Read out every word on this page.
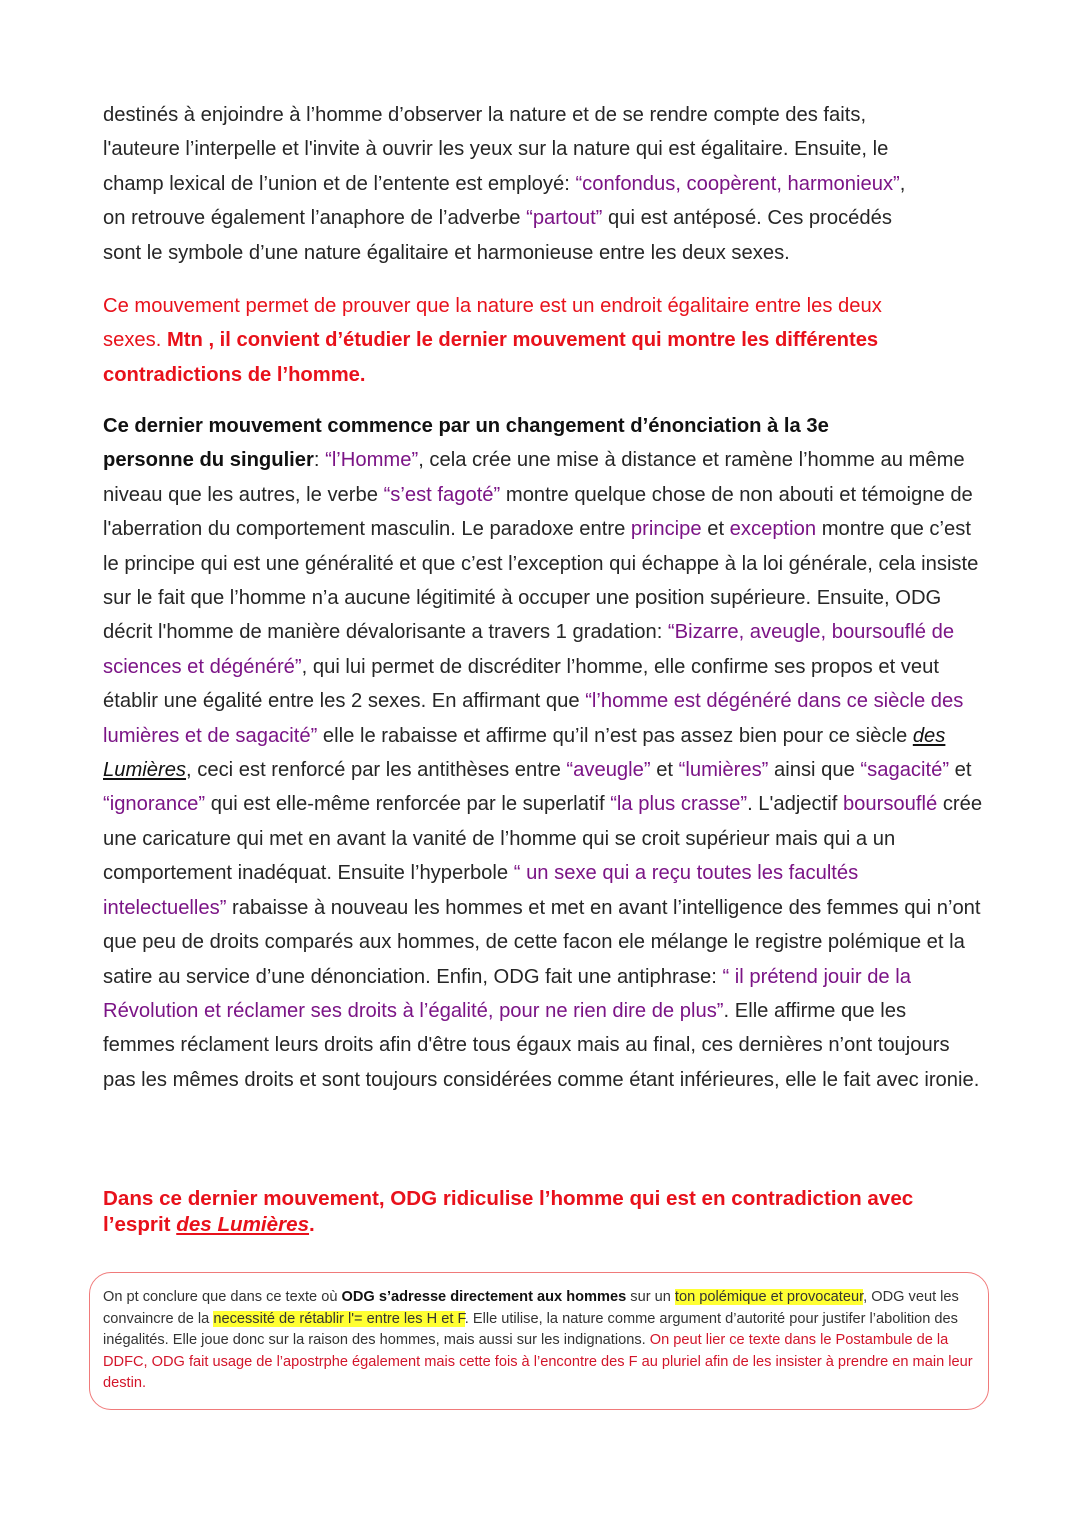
destinés à enjoindre à l’homme d’observer la nature et de se rendre compte des faits,
l'auteure l’interpelle et l'invite à ouvrir les yeux sur la nature qui est égalitaire. Ensuite, le
champ lexical de l’union et de l’entente est employé: “confondus, coopèrent, harmonieux”,
on retrouve également l’anaphore de l’adverbe “partout” qui est antéposé. Ces procédés
sont le symbole d’une nature égalitaire et harmonieuse entre les deux sexes.
Ce mouvement permet de prouver que la nature est un endroit égalitaire entre les deux
sexes. Mtn , il convient d’étudier le dernier mouvement qui montre les différentes
contradictions de l’homme.
Ce dernier mouvement commence par un changement d’énonciation à la 3e
personne du singulier: “l’Homme”, cela crée une mise à distance et ramène l’homme au même niveau que les autres, le verbe “s’est fagoté” montre quelque chose de non abouti et témoigne de l'aberration du comportement masculin. Le paradoxe entre principe et exception montre que c’est le principe qui est une généralité et que c’est l’exception qui échappe à la loi générale, cela insiste sur le fait que l’homme n’a aucune légitimité à occuper une position supérieure. Ensuite, ODG décrit l'homme de manière dévalorisante a travers 1 gradation: “Bizarre, aveugle, boursouflé de sciences et dégénéré”, qui lui permet de discréditer l’homme, elle confirme ses propos et veut établir une égalité entre les 2 sexes. En affirmant que “l’homme est dégénéré dans ce siècle des lumières et de sagacité” elle le rabaisse et affirme qu’il n’est pas assez bien pour ce siècle des Lumières, ceci est renforcé par les antithèses entre “aveugle” et “lumières” ainsi que “sagacité” et “ignorance” qui est elle-même renforcée par le superlatif “la plus crasse”. L'adjectif boursouflé crée une caricature qui met en avant la vanité de l’homme qui se croit supérieur mais qui a un comportement inadéquat. Ensuite l’hyperbole “ un sexe qui a reçu toutes les facultés intelectuelles” rabaisse à nouveau les hommes et met en avant l’intelligence des femmes qui n’ont que peu de droits comparés aux hommes, de cette facon ele mélange le registre polémique et la satire au service d’une dénonciation. Enfin, ODG fait une antiphrase: “ il prétend jouir de la Révolution et réclamer ses droits à l’égalité, pour ne rien dire de plus”. Elle affirme que les femmes réclament leurs droits afin d'être tous égaux mais au final, ces dernières n’ont toujours pas les mêmes droits et sont toujours considérées comme étant inférieures, elle le fait avec ironie.
Dans ce dernier mouvement, ODG ridiculise l’homme qui est en contradiction avec l’esprit des Lumières.
On pt conclure que dans ce texte où ODG s’adresse directement aux hommes sur un ton polémique et provocateur, ODG veut les convaincre de la necessité de rétablir l'= entre les H et F. Elle utilise, la nature comme argument d’autorité pour justifer l’abolition des inégalités. Elle joue donc sur la raison des hommes, mais aussi sur les indignations. On peut lier ce texte dans le Postambule de la DDFC, ODG fait usage de l’apostrphe également mais cette fois à l’encontre des F au pluriel afin de les insister à prendre en main leur destin.
